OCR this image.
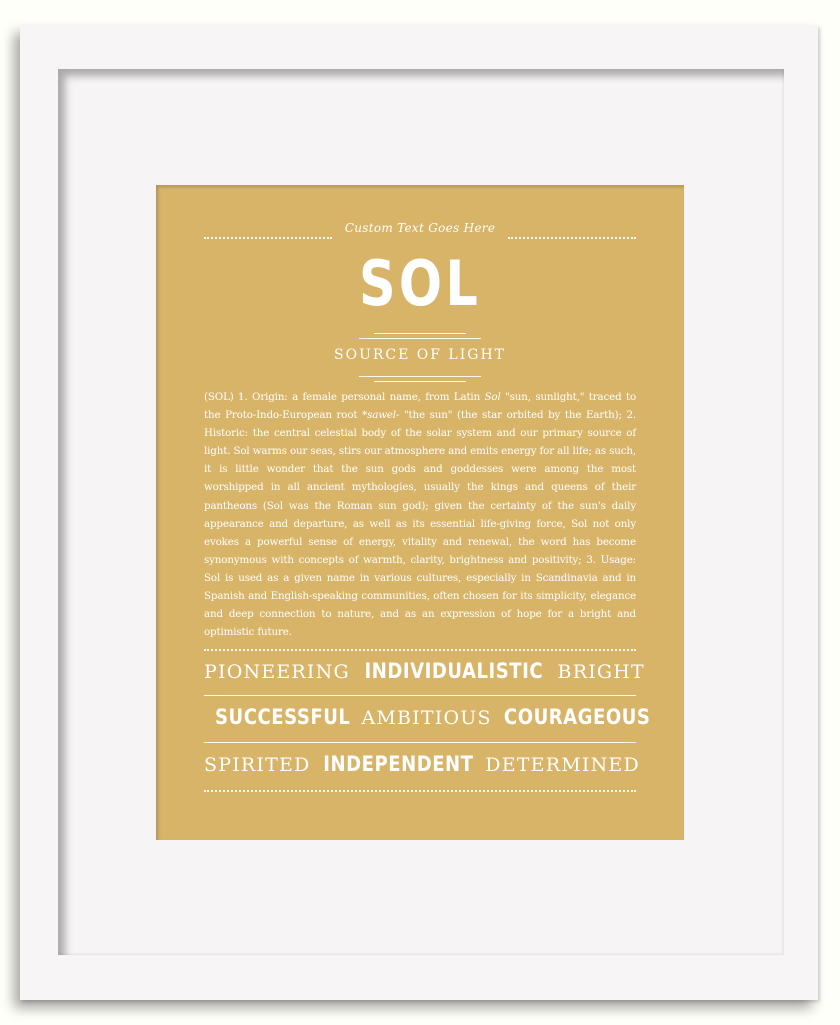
Custom Text Goes Here
SOL
SOURCE OF LIGHT
(SOL) 1. Origin: a female personal name, from Latin Sol "sun, sunlight," traced to the Proto-Indo-European root *sawel- "the sun" (the star orbited by the Earth); 2. Historic: the central celestial body of the solar system and our primary source of light. Sol warms our seas, stirs our atmosphere and emits energy for all life; as such, it is little wonder that the sun gods and goddesses were among the most worshipped in all ancient mythologies, usually the kings and queens of their pantheons (Sol was the Roman sun god); given the certainty of the sun's daily appearance and departure, as well as its essential life-giving force, Sol not only evokes a powerful sense of energy, vitality and renewal, the word has become synonymous with concepts of warmth, clarity, brightness and positivity; 3. Usage: Sol is used as a given name in various cultures, especially in Scandinavia and in Spanish and English-speaking communities, often chosen for its simplicity, elegance and deep connection to nature, and as an expression of hope for a bright and optimistic future.
PIONEERING INDIVIDUALISTIC BRIGHT
SUCCESSFUL AMBITIOUS COURAGEOUS
SPIRITED INDEPENDENT DETERMINED
